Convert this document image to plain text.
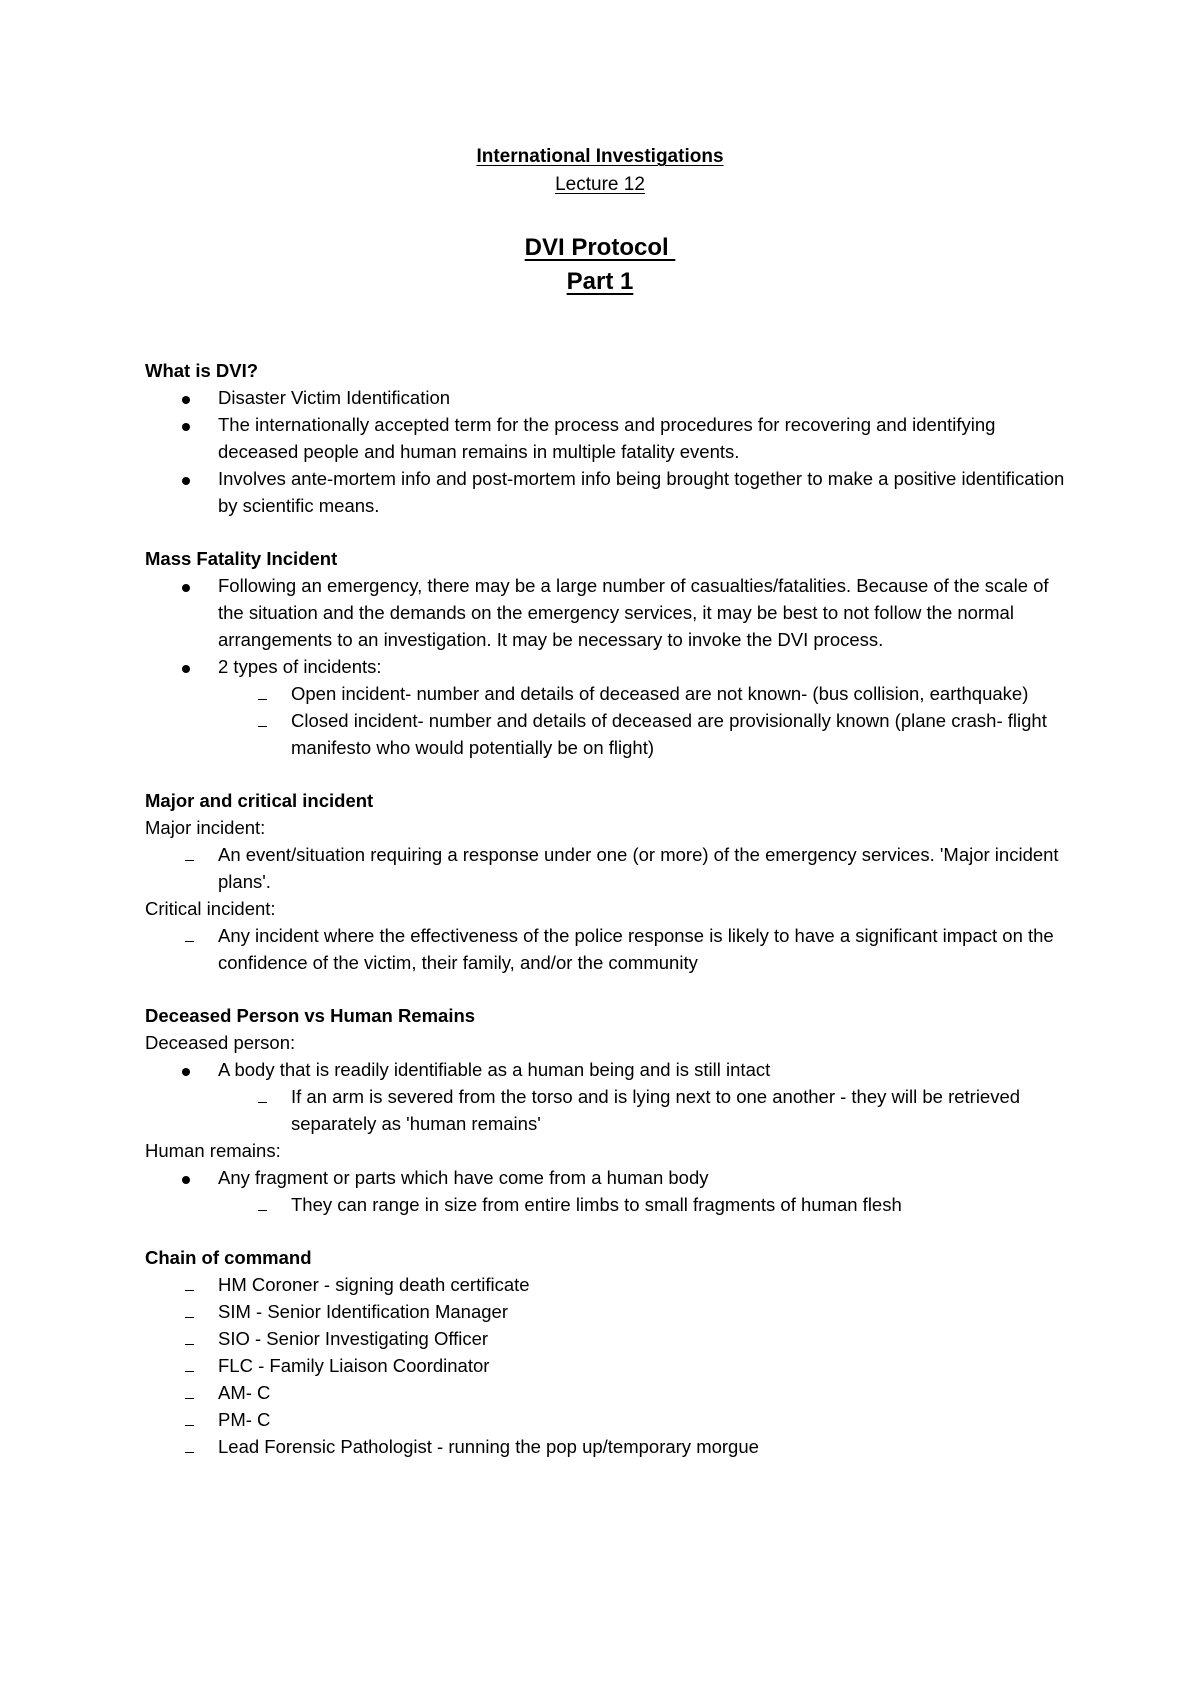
International Investigations
Lecture 12
DVI Protocol
Part 1
What is DVI?
Disaster Victim Identification
The internationally accepted term for the process and procedures for recovering and identifying deceased people and human remains in multiple fatality events.
Involves ante-mortem info and post-mortem info being brought together to make a positive identification by scientific means.
Mass Fatality Incident
Following an emergency, there may be a large number of casualties/fatalities. Because of the scale of the situation and the demands on the emergency services, it may be best to not follow the normal arrangements to an investigation. It may be necessary to invoke the DVI process.
2 types of incidents:
Open incident- number and details of deceased are not known- (bus collision, earthquake)
Closed incident- number and details of deceased are provisionally known (plane crash- flight manifesto who would potentially be on flight)
Major and critical incident
Major incident:
An event/situation requiring a response under one (or more) of the emergency services. 'Major incident plans'.
Critical incident:
Any incident where the effectiveness of the police response is likely to have a significant impact on the confidence of the victim, their family, and/or the community
Deceased Person vs Human Remains
Deceased person:
A body that is readily identifiable as a human being and is still intact
If an arm is severed from the torso and is lying next to one another - they will be retrieved separately as 'human remains'
Human remains:
Any fragment or parts which have come from a human body
They can range in size from entire limbs to small fragments of human flesh
Chain of command
HM Coroner - signing death certificate
SIM - Senior Identification Manager
SIO - Senior Investigating Officer
FLC - Family Liaison Coordinator
AM- C
PM- C
Lead Forensic Pathologist - running the pop up/temporary morgue
